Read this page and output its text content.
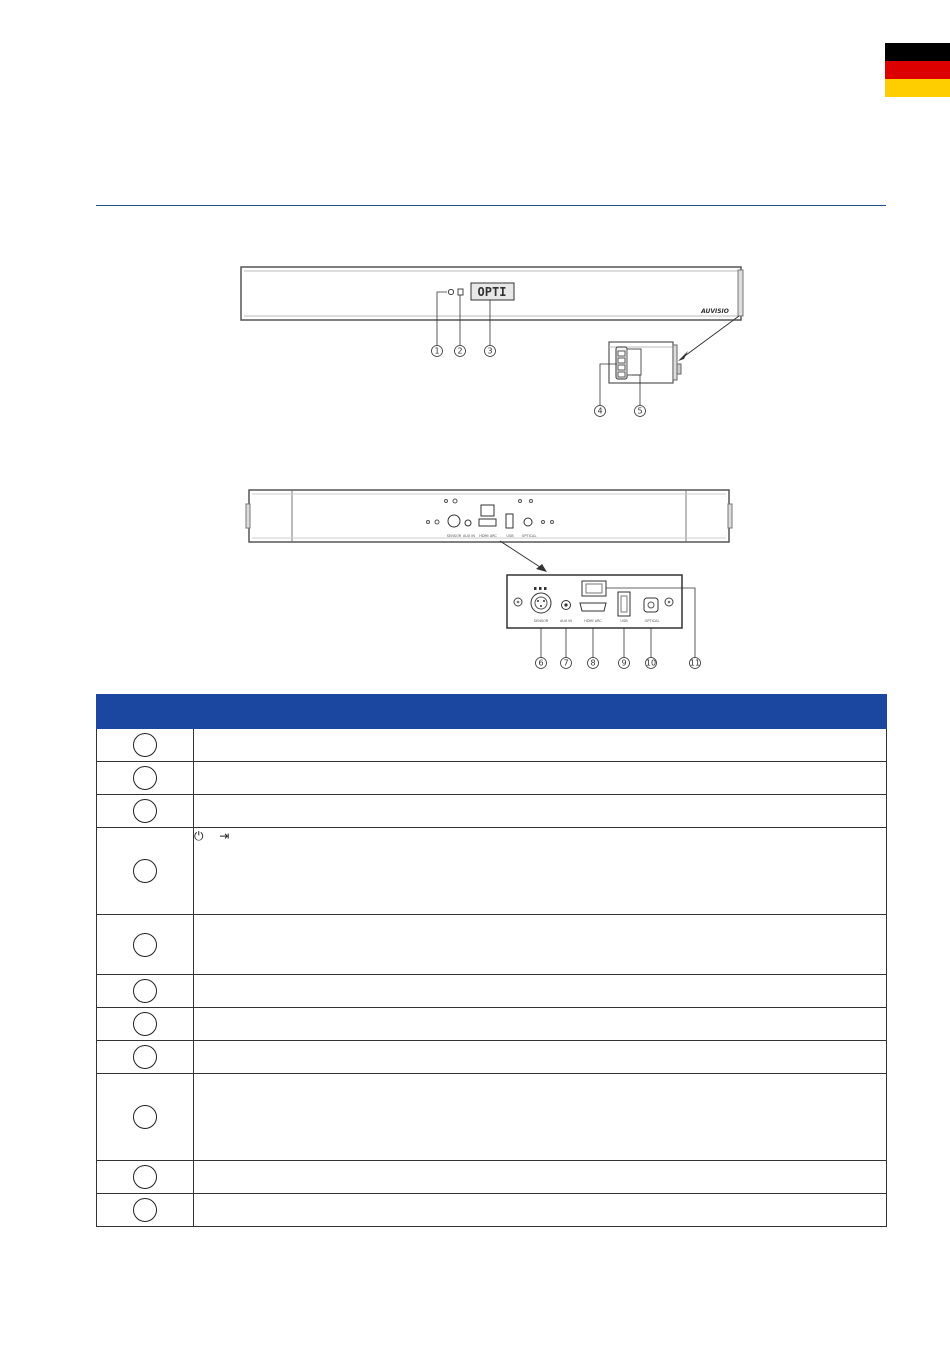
OPTI
AUVISIO
1 2	3
4	5
SENSOR AUX IN HDMI ARC	USB OPTICAL
SENSOR	AUX IN	HDMI ARC	USB	OPTICAL
6 7	8	9 10	11

	⏻ ⇥
